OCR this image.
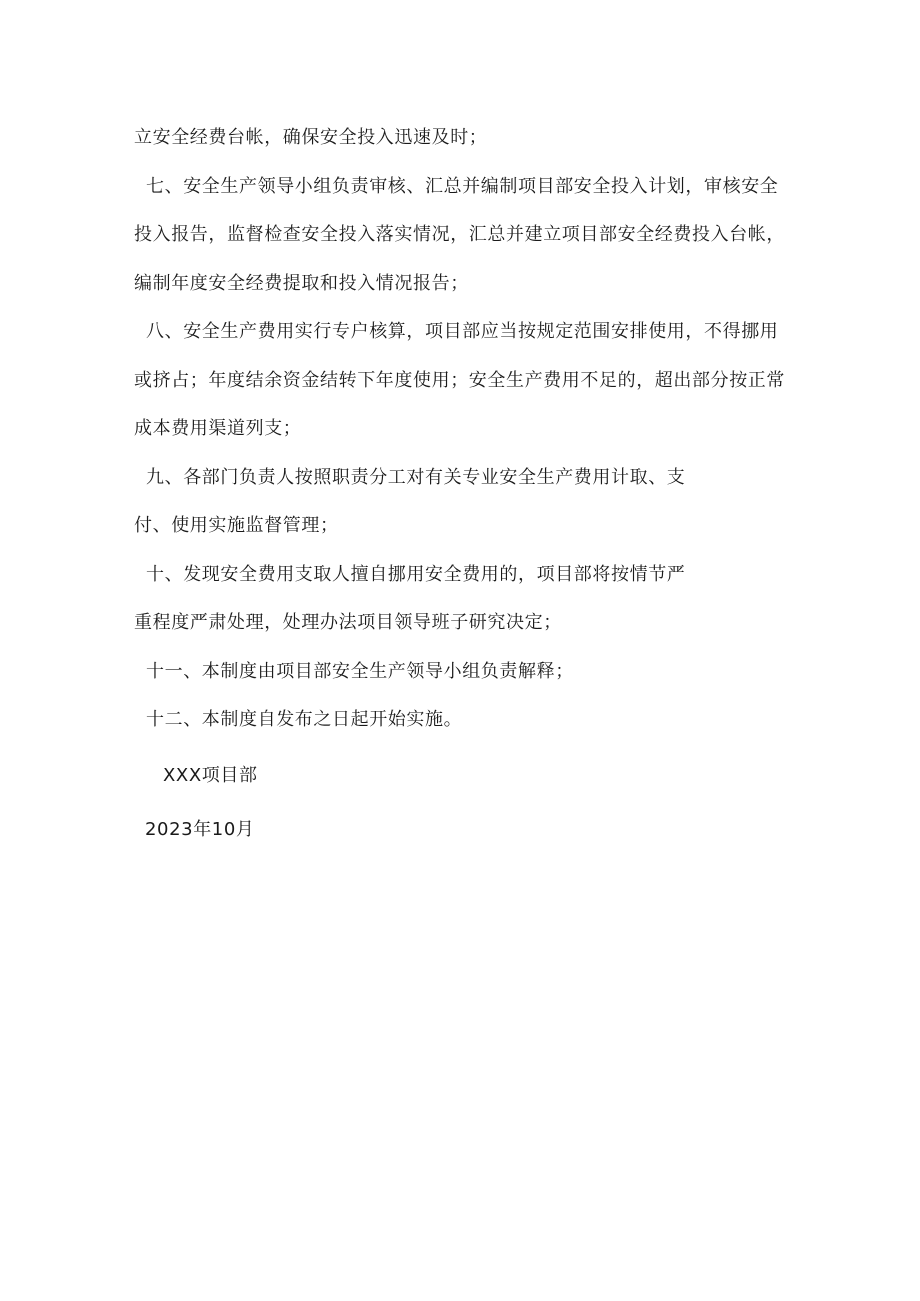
立安全经费台帐，确保安全投入迅速及时；

七、安全生产领导小组负责审核、汇总并编制项目部安全投入计划，审核安全

投入报告，监督检查安全投入落实情况，汇总并建立项目部安全经费投入台帐，

编制年度安全经费提取和投入情况报告；

八、安全生产费用实行专户核算，项目部应当按规定范围安排使用，不得挪用

或挤占；年度结余资金结转下年度使用；安全生产费用不足的，超出部分按正常

成本费用渠道列支；

九、各部门负责人按照职责分工对有关专业安全生产费用计取、支

付、使用实施监督管理；

十、发现安全费用支取人擅自挪用安全费用的，项目部将按情节严

重程度严肃处理，处理办法项目领导班子研究决定；

十一、本制度由项目部安全生产领导小组负责解释；

十二、本制度自发布之日起开始实施。

XXX项目部

2023年10月
